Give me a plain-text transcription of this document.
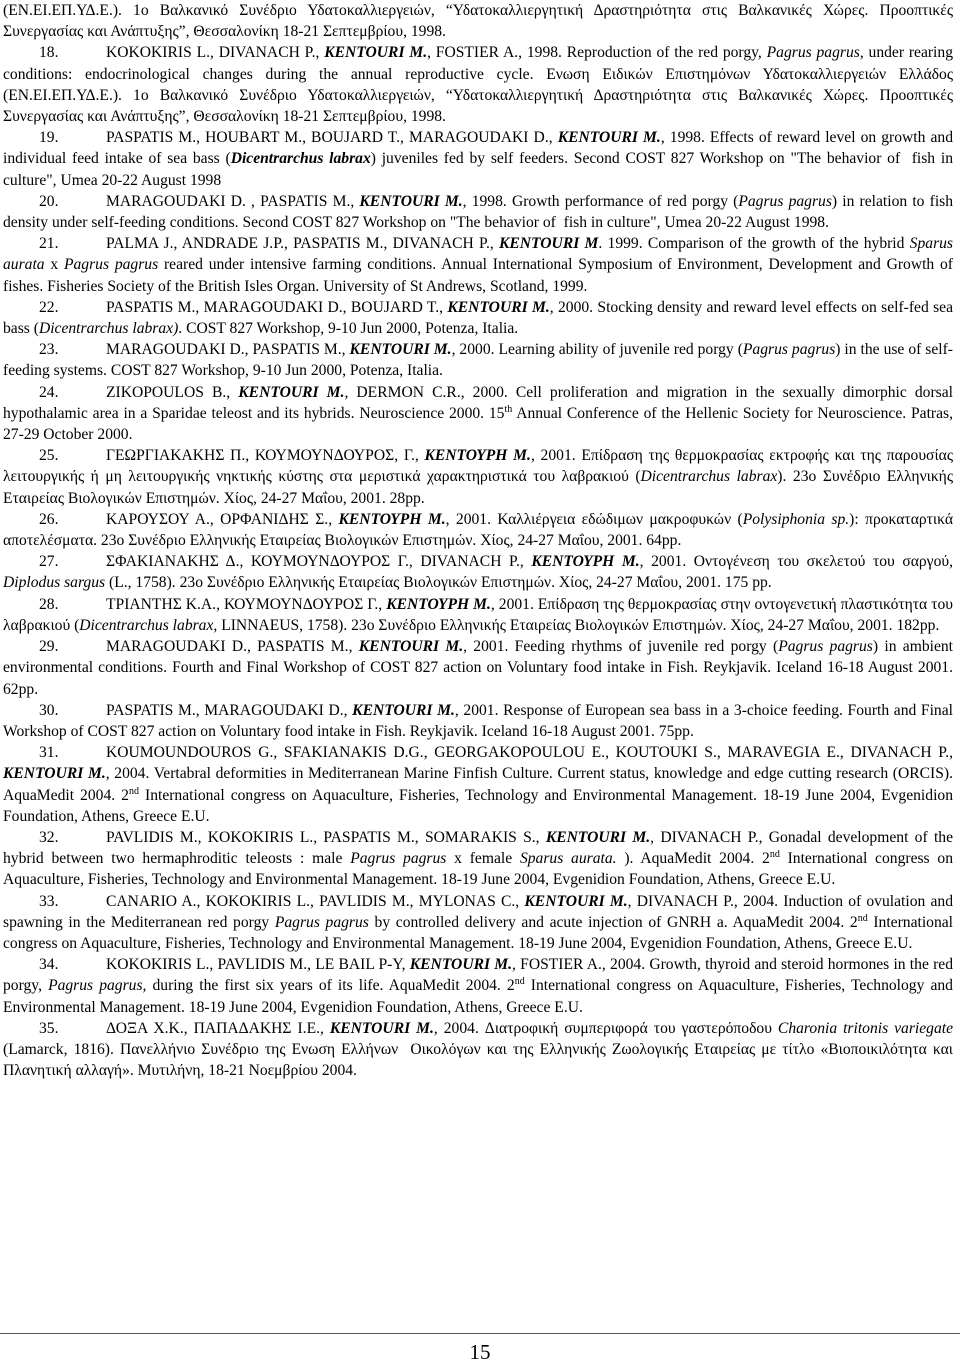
(ΕΝ.ΕΙ.ΕΠ.ΥΔ.Ε.). 1ο Βαλκανικό Συνέδριο Υδατοκαλλιεργειών, “Υδατοκαλλιεργητική Δραστηριότητα στις Βαλκανικές Χώρες. Προοπτικές Συνεργασίας και Ανάπτυξης”, Θεσσαλονίκη 18-21 Σεπτεμβρίου, 1998.

18.	KOKOKIRIS L., DIVANACH P., KENTOURI M., FOSTIER A., 1998. Reproduction of the red porgy, Pagrus pagrus, under rearing conditions: endocrinological changes during the annual reproductive cycle. Ενωση Ειδικών Επιστημόνων Υδατοκαλλιεργειών Ελλάδος (ΕΝ.ΕΙ.ΕΠ.ΥΔ.Ε.). 1ο Βαλκανικό Συνέδριο Υδατοκαλλιεργειών, “Υδατοκαλλιεργητική Δραστηριότητα στις Βαλκανικές Χώρες. Προοπτικές Συνεργασίας και Ανάπτυξης”, Θεσσαλονίκη 18-21 Σεπτεμβρίου, 1998.

19.	PASPATIS M., HOUBART M., BOUJARD T., MARAGOUDAKI D., KENTOURI M., 1998. Effects of reward level on growth and individual feed intake of sea bass (Dicentrarchus labrax) juveniles fed by self feeders. Second COST 827 Workshop on "The behavior of  fish in culture", Umea 20-22 August 1998

20.	MARAGOUDAKI D. , PASPATIS M., KENTOURI M., 1998. Growth performance of red porgy (Pagrus pagrus) in relation to fish density under self-feeding conditions. Second COST 827 Workshop on "The behavior of  fish in culture", Umea 20-22 August 1998.

21.	PALMA J., ANDRADE J.P., PASPATIS M., DIVANACH P., KENTOURI M. 1999. Comparison of the growth of the hybrid Sparus aurata x Pagrus pagrus reared under intensive farming conditions. Annual International Symposium of Environment, Development and Growth of fishes. Fisheries Society of the British Isles Organ. University of St Andrews, Scotland, 1999.

22.	PASPATIS M., MARAGOUDAKI D., BOUJARD T., KENTOURI M., 2000. Stocking density and reward level effects on self-fed sea bass (Dicentrarchus labrax). COST 827 Workshop, 9-10 Jun 2000, Potenza, Italia.

23.	MARAGOUDAKI D., PASPATIS M., KENTOURI M., 2000. Learning ability of juvenile red porgy (Pagrus pagrus) in the use of self-feeding systems. COST 827 Workshop, 9-10 Jun 2000, Potenza, Italia.

24.	ZIKOPOULOS B., KENTOURI M., DERMON C.R., 2000. Cell proliferation and migration in the sexually dimorphic dorsal hypothalamic area in a Sparidae teleost and its hybrids. Neuroscience 2000. 15th Annual Conference of the Hellenic Society for Neuroscience. Patras, 27-29 October 2000.

25.	ΓΕΩΡΓΙΑΚΑΚΗΣ Π., ΚΟΥΜΟΥΝΔΟΥΡΟΣ, Γ., ΚΕΝΤΟΥΡΗ Μ., 2001. Επίδραση της θερμοκρασίας εκτροφής και της παρουσίας λειτουργικής ή μη λειτουργικής νηκτικής κύστης στα μεριστικά χαρακτηριστικά του λαβρακιού (Dicentrarchus labrax). 23ο Συνέδριο Ελληνικής Εταιρείας Βιολογικών Επιστημών. Χίος, 24-27 Μαΐου, 2001. 28pp.

26.	ΚΑΡΟΥΣΟΥ Α., ΟΡΦΑΝΙΔΗΣ Σ., ΚΕΝΤΟΥΡΗ Μ., 2001. Καλλιέργεια εδώδιμων μακροφυκών (Polysiphonia sp.): προκαταρτικά αποτελέσματα. 23ο Συνέδριο Ελληνικής Εταιρείας Βιολογικών Επιστημών. Χίος, 24-27 Μαΐου, 2001. 64pp.

27.	ΣΦΑΚΙΑΝΑΚΗΣ Δ., ΚΟΥΜΟΥΝΔΟΥΡΟΣ Γ., DIVANACH P., ΚΕΝΤΟΥΡΗ Μ., 2001. Οντογένεση του σκελετού του σαργού, Diplodus sargus (L., 1758). 23ο Συνέδριο Ελληνικής Εταιρείας Βιολογικών Επιστημών. Χίος, 24-27 Μαΐου, 2001. 175 pp.

28.	ΤΡΙΑΝΤΗΣ Κ.Α., ΚΟΥΜΟΥΝΔΟΥΡΟΣ Γ., ΚΕΝΤΟΥΡΗ Μ., 2001. Επίδραση της θερμοκρασίας στην οντογενετική πλαστικότητα του λαβρακιού (Dicentrarchus labrax, LINNAEUS, 1758). 23ο Συνέδριο Ελληνικής Εταιρείας Βιολογικών Επιστημών. Χίος, 24-27 Μαΐου, 2001. 182pp.

29.	MARAGOUDAKI D., PASPATIS M., KENTOURI M., 2001. Feeding rhythms of juvenile red porgy (Pagrus pagrus) in ambient environmental conditions. Fourth and Final Workshop of COST 827 action on Voluntary food intake in Fish. Reykjavik. Iceland 16-18 August 2001. 62pp.

30.	PASPATIS M., MARAGOUDAKI D., KENTOURI M., 2001. Response of European sea bass in a 3-choice feeding. Fourth and Final Workshop of COST 827 action on Voluntary food intake in Fish. Reykjavik. Iceland 16-18 August 2001. 75pp.

31.	KOUMOUNDOUROS G., SFAKIANAKIS D.G., GEORGAKOPOULOU E., KOUTOUKI S., MARAVEGIA E., DIVANACH P., KENTOURI M., 2004. Vertabral deformities in Mediterranean Marine Finfish Culture. Current status, knowledge and edge cutting research (ORCIS). AquaMedit 2004. 2nd International congress on Aquaculture, Fisheries, Technology and Environmental Management. 18-19 June 2004, Evgenidion Foundation, Athens, Greece E.U.

32.	PAVLIDIS M., KOKOKIRIS L., PASPATIS M., SOMARAKIS S., KENTOURI M., DIVANACH P., Gonadal development of the hybrid between two hermaphroditic teleosts : male Pagrus pagrus x female Sparus aurata. ). AquaMedit 2004. 2nd International congress on Aquaculture, Fisheries, Technology and Environmental Management. 18-19 June 2004, Evgenidion Foundation, Athens, Greece E.U.

33.	CANARIO A., KOKOKIRIS L., PAVLIDIS M., MYLONAS C., KENTOURI M., DIVANACH P., 2004. Induction of ovulation and spawning in the Mediterranean red porgy Pagrus pagrus by controlled delivery and acute injection of GNRH a. AquaMedit 2004. 2nd International congress on Aquaculture, Fisheries, Technology and Environmental Management. 18-19 June 2004, Evgenidion Foundation, Athens, Greece E.U.

34.	KOKOKIRIS L., PAVLIDIS M., LE BAIL P-Y, KENTOURI M., FOSTIER A., 2004. Growth, thyroid and steroid hormones in the red porgy, Pagrus pagrus, during the first six years of its life. AquaMedit 2004. 2nd International congress on Aquaculture, Fisheries, Technology and Environmental Management. 18-19 June 2004, Evgenidion Foundation, Athens, Greece E.U.

35.	ΔΟΞΑ Χ.Κ., ΠΑΠΑΔΑΚΗΣ Ι.Ε., KENTOURI M., 2004. Διατροφική συμπεριφορά του γαστερόποδου Charonia tritonis variegate (Lamarck, 1816). Πανελλήνιο Συνέδριο της Ενωση Ελλήνων  Οικολόγων και της Ελληνικής Ζωολογικής Εταιρείας με τίτλο «Βιοποικιλότητα και Πλανητική αλλαγή». Μυτιλήνη, 18-21 Νοεμβρίου 2004.

15
